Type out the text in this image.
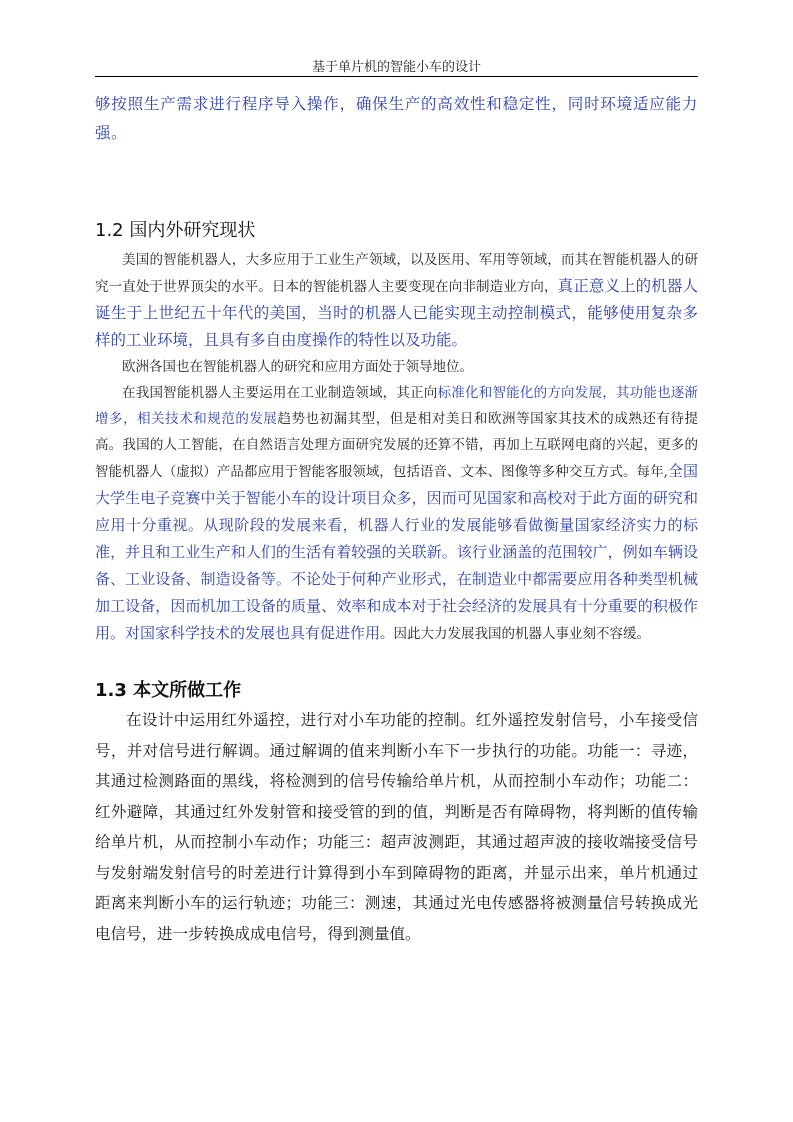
基于单片机的智能小车的设计

够按照生产需求进行程序导入操作，确保生产的高效性和稳定性，同时环境适应能力强。

1.2 国内外研究现状

美国的智能机器人，大多应用于工业生产领域，以及医用、军用等领域，而其在智能机器人的研究一直处于世界顶尖的水平。日本的智能机器人主要变现在向非制造业方向，真正意义上的机器人诞生于上世纪五十年代的美国，当时的机器人已能实现主动控制模式，能够使用复杂多样的工业环境，且具有多自由度操作的特性以及功能。

欧洲各国也在智能机器人的研究和应用方面处于领导地位。

在我国智能机器人主要运用在工业制造领域，其正向标准化和智能化的方向发展，其功能也逐渐增多，相关技术和规范的发展趋势也初漏其型，但是相对美日和欧洲等国家其技术的成熟还有待提高。我国的人工智能，在自然语言处理方面研究发展的还算不错，再加上互联网电商的兴起，更多的智能机器人（虚拟）产品都应用于智能客服领域，包括语音、文本、图像等多种交互方式。每年,全国大学生电子竞赛中关于智能小车的设计项目众多，因而可见国家和高校对于此方面的研究和应用十分重视。从现阶段的发展来看，机器人行业的发展能够看做衡量国家经济实力的标准，并且和工业生产和人们的生活有着较强的关联新。该行业涵盖的范围较广，例如车辆设备、工业设备、制造设备等。不论处于何种产业形式，在制造业中都需要应用各种类型机械加工设备，因而机加工设备的质量、效率和成本对于社会经济的发展具有十分重要的积极作用。对国家科学技术的发展也具有促进作用。因此大力发展我国的机器人事业刻不容缓。

1.3 本文所做工作

在设计中运用红外遥控，进行对小车功能的控制。红外遥控发射信号，小车接受信号，并对信号进行解调。通过解调的值来判断小车下一步执行的功能。功能一：寻迹，其通过检测路面的黑线，将检测到的信号传输给单片机，从而控制小车动作；功能二：红外避障，其通过红外发射管和接受管的到的值，判断是否有障碍物，将判断的值传输给单片机，从而控制小车动作；功能三：超声波测距，其通过超声波的接收端接受信号与发射端发射信号的时差进行计算得到小车到障碍物的距离，并显示出来，单片机通过距离来判断小车的运行轨迹；功能三：测速，其通过光电传感器将被测量信号转换成光电信号，进一步转换成成电信号，得到测量值。
